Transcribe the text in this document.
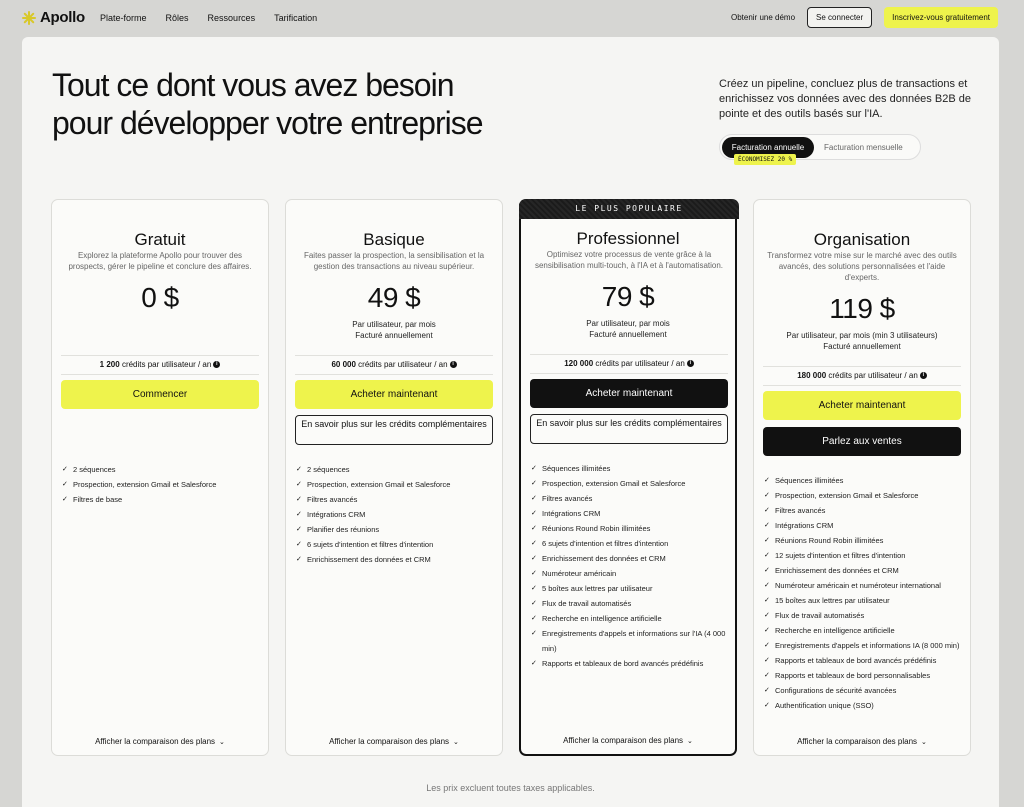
Apollo Plate-forme Rôles Ressources Tarification	Obtenir une démo	Se connecter	Inscrivez-vous gratuitement
Tout ce dont vous avez besoin pour développer votre entreprise

Créez un pipeline, concluez plus de transactions et enrichissez vos données avec des données B2B de pointe et des outils basés sur l'IA.

Facturation annuelle	Facturation mensuelle
ÉCONOMISEZ 20 %
Gratuit
Explorez la plateforme Apollo pour trouver des prospects, gérer le pipeline et conclure des affaires.
0 $
1 200 crédits par utilisateur / an i
Commencer
✓ 2 séquences
✓ Prospection, extension Gmail et Salesforce
✓ Filtres de base
Afficher la comparaison des plans ⌄
Basique
Faites passer la prospection, la sensibilisation et la gestion des transactions au niveau supérieur.
49 $
Par utilisateur, par mois
Facturé annuellement
60 000 crédits par utilisateur / an i
Acheter maintenant
En savoir plus sur les crédits complémentaires
✓ 2 séquences
✓ Prospection, extension Gmail et Salesforce
✓ Filtres avancés
✓ Intégrations CRM
✓ Planifier des réunions
✓ 6 sujets d'intention et filtres d'intention
✓ Enrichissement des données et CRM
Afficher la comparaison des plans ⌄
LE PLUS POPULAIRE
Professionnel
Optimisez votre processus de vente grâce à la sensibilisation multi-touch, à l'IA et à l'automatisation.
79 $
Par utilisateur, par mois
Facturé annuellement
120 000 crédits par utilisateur / an i
Acheter maintenant
En savoir plus sur les crédits complémentaires
✓ Séquences illimitées
✓ Prospection, extension Gmail et Salesforce
✓ Filtres avancés
✓ Intégrations CRM
✓ Réunions Round Robin illimitées
✓ 6 sujets d'intention et filtres d'intention
✓ Enrichissement des données et CRM
✓ Numéroteur américain
✓ 5 boîtes aux lettres par utilisateur
✓ Flux de travail automatisés
✓ Recherche en intelligence artificielle
✓ Enregistrements d'appels et informations sur l'IA (4 000 min)
✓ Rapports et tableaux de bord avancés prédéfinis
Afficher la comparaison des plans ⌄
Organisation
Transformez votre mise sur le marché avec des outils avancés, des solutions personnalisées et l'aide d'experts.
119 $
Par utilisateur, par mois (min 3 utilisateurs)
Facturé annuellement
180 000 crédits par utilisateur / an i
Acheter maintenant
Parlez aux ventes
✓ Séquences illimitées
✓ Prospection, extension Gmail et Salesforce
✓ Filtres avancés
✓ Intégrations CRM
✓ Réunions Round Robin illimitées
✓ 12 sujets d'intention et filtres d'intention
✓ Enrichissement des données et CRM
✓ Numéroteur américain et numéroteur international
✓ 15 boîtes aux lettres par utilisateur
✓ Flux de travail automatisés
✓ Recherche en intelligence artificielle
✓ Enregistrements d'appels et informations IA (8 000 min)
✓ Rapports et tableaux de bord avancés prédéfinis
✓ Rapports et tableaux de bord personnalisables
✓ Configurations de sécurité avancées
✓ Authentification unique (SSO)
Afficher la comparaison des plans ⌄
Les prix excluent toutes taxes applicables.
